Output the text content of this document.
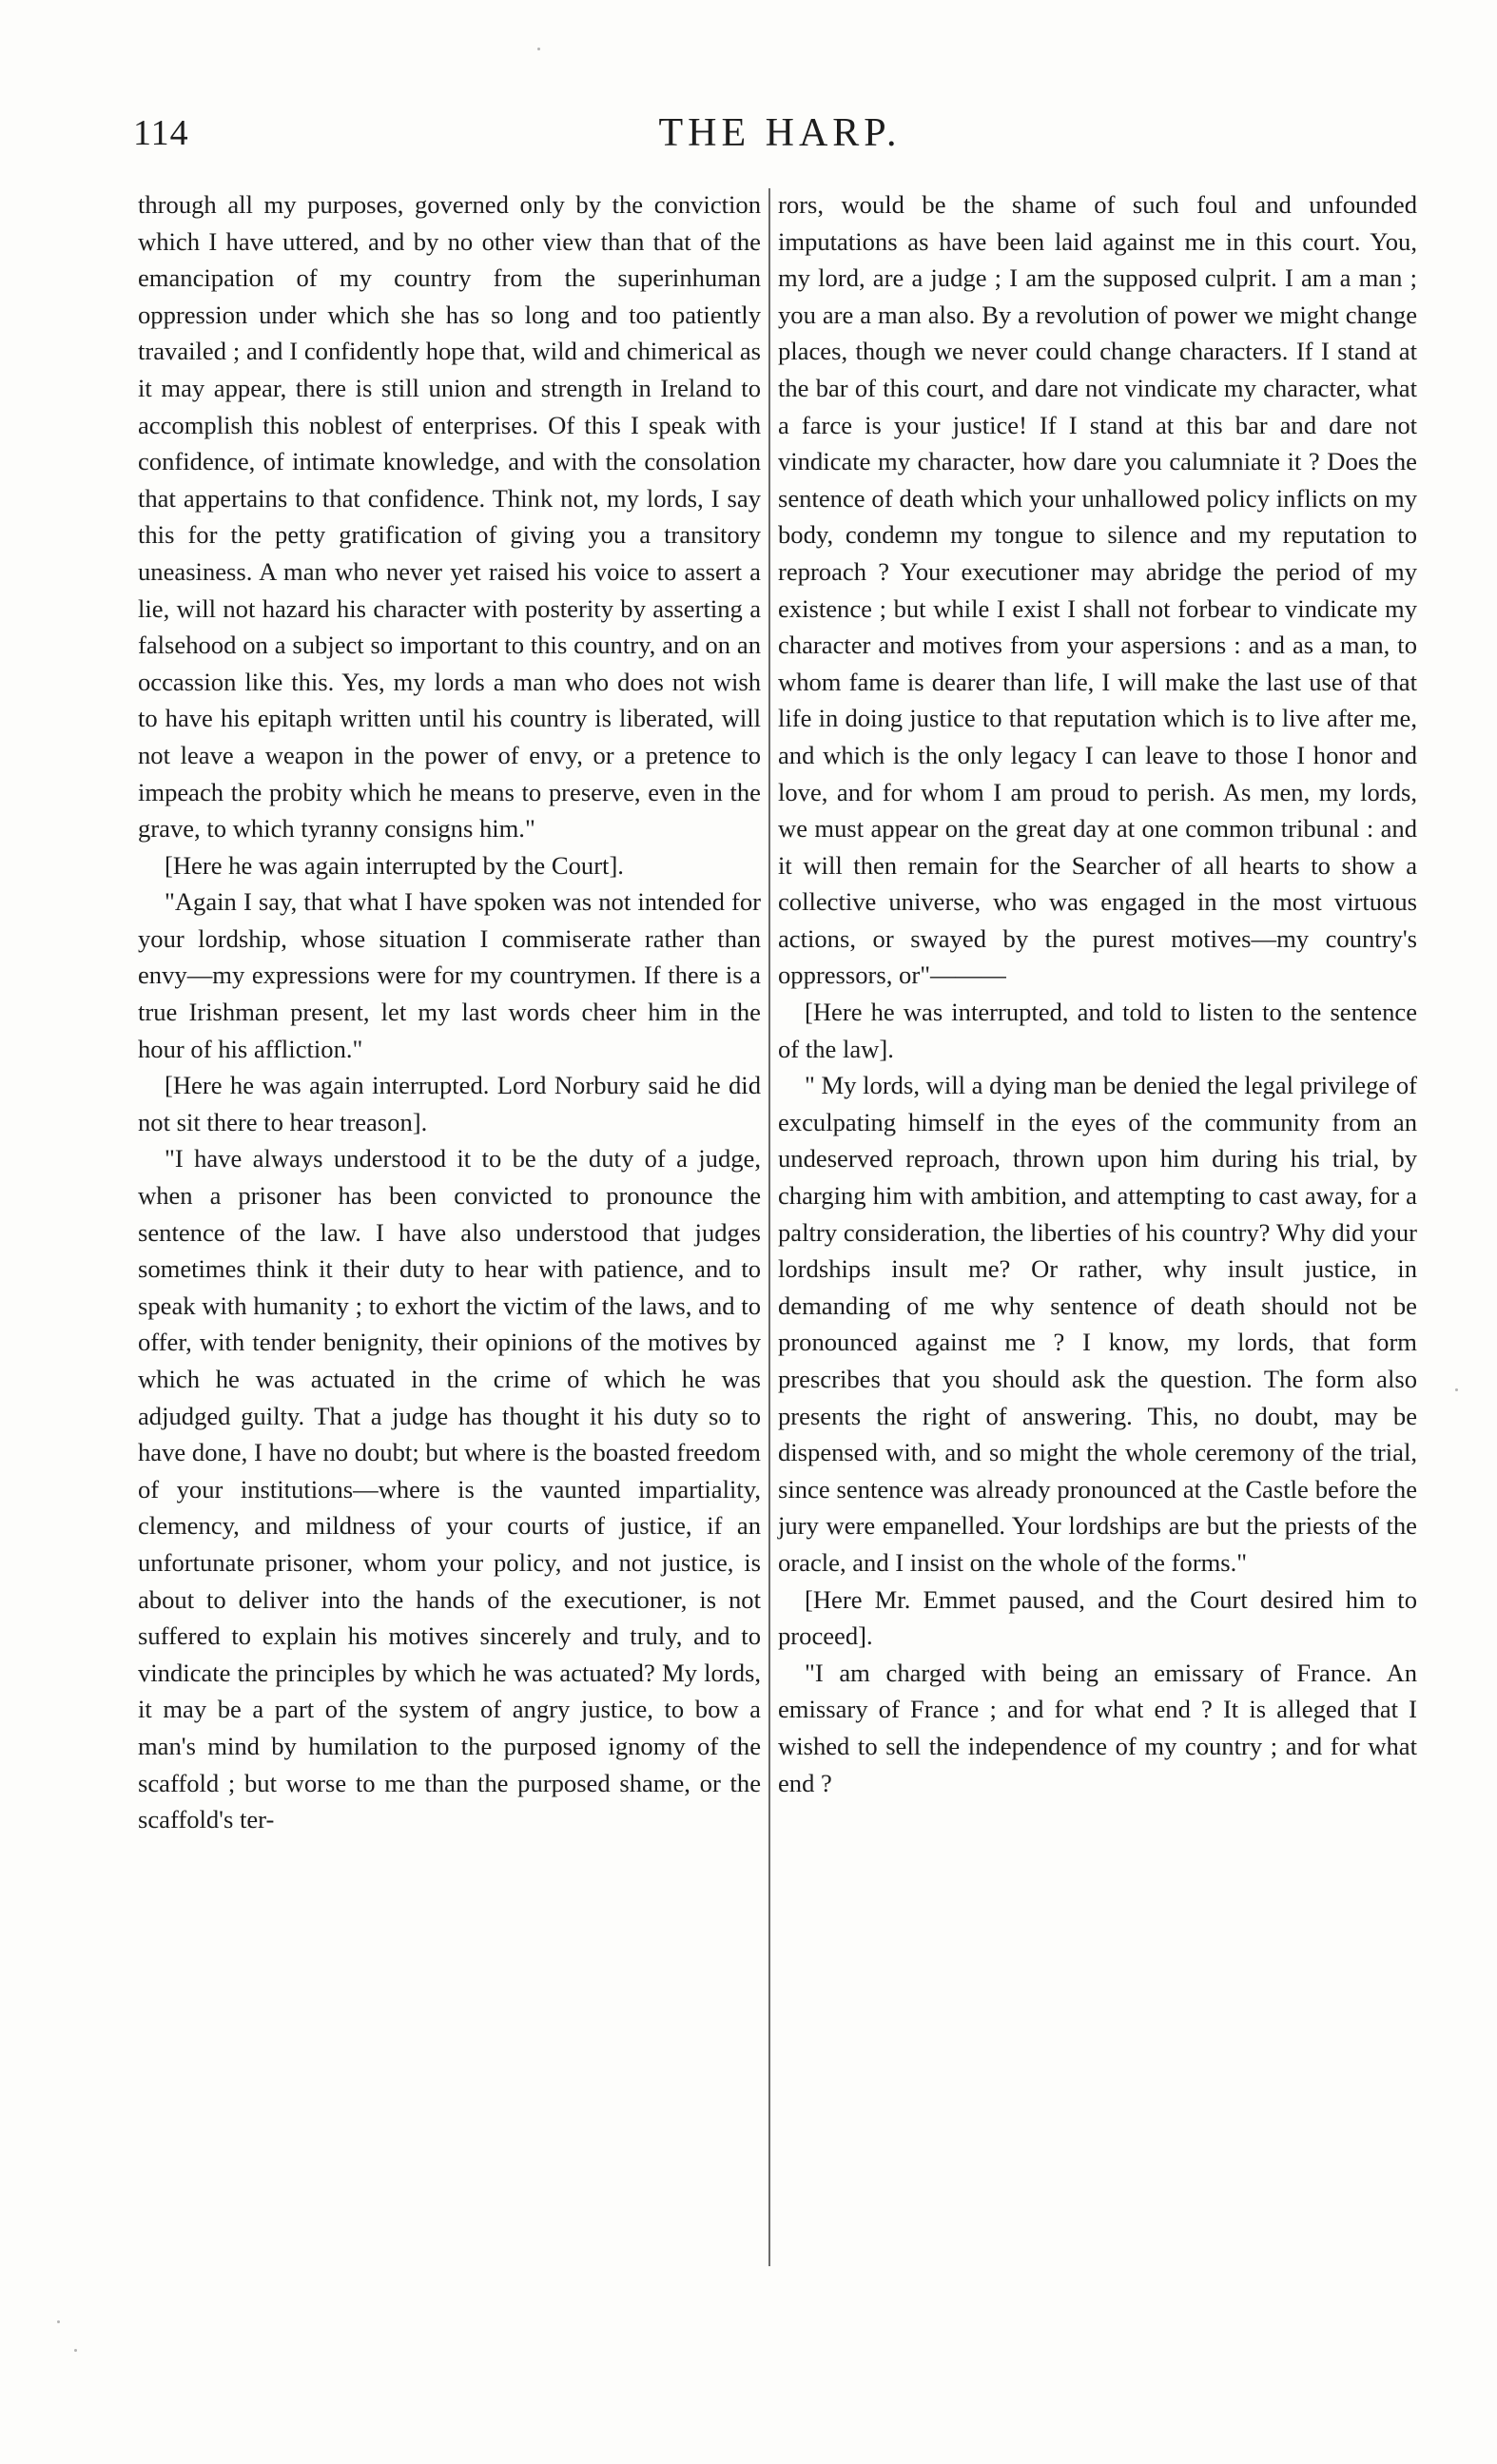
114	THE HARP.

through all my purposes, governed only by the conviction which I have uttered, and by no other view than that of the emancipation of my country from the superinhuman oppression under which she has so long and too patiently travailed ; and I confidently hope that, wild and chimerical as it may appear, there is still union and strength in Ireland to accomplish this noblest of enterprises. Of this I speak with confidence, of intimate knowledge, and with the consolation that appertains to that confidence. Think not, my lords, I say this for the petty gratification of giving you a transitory uneasiness. A man who never yet raised his voice to assert a lie, will not hazard his character with posterity by asserting a falsehood on a subject so important to this country, and on an occassion like this. Yes, my lords a man who does not wish to have his epitaph written until his country is liberated, will not leave a weapon in the power of envy, or a pretence to impeach the probity which he means to preserve, even in the grave, to which tyranny consigns him."

[Here he was again interrupted by the Court].

"Again I say, that what I have spoken was not intended for your lordship, whose situation I commiserate rather than envy—my expressions were for my countrymen. If there is a true Irishman present, let my last words cheer him in the hour of his affliction."

[Here he was again interrupted. Lord Norbury said he did not sit there to hear treason].

"I have always understood it to be the duty of a judge, when a prisoner has been convicted to pronounce the sentence of the law. I have also understood that judges sometimes think it their duty to hear with patience, and to speak with humanity ; to exhort the victim of the laws, and to offer, with tender benignity, their opinions of the motives by which he was actuated in the crime of which he was adjudged guilty. That a judge has thought it his duty so to have done, I have no doubt; but where is the boasted freedom of your institutions—where is the vaunted impartiality, clemency, and mildness of your courts of justice, if an unfortunate prisoner, whom your policy, and not justice, is about to deliver into the hands of the executioner, is not suffered to explain his motives sincerely and truly, and to vindicate the principles by which he was actuated? My lords, it may be a part of the system of angry justice, to bow a man's mind by humilation to the purposed ignomy of the scaffold ; but worse to me than the purposed shame, or the scaffold's ter-

rors, would be the shame of such foul and unfounded imputations as have been laid against me in this court. You, my lord, are a judge ; I am the supposed culprit. I am a man ; you are a man also. By a revolution of power we might change places, though we never could change characters. If I stand at the bar of this court, and dare not vindicate my character, what a farce is your justice! If I stand at this bar and dare not vindicate my character, how dare you calumniate it ? Does the sentence of death which your unhallowed policy inflicts on my body, condemn my tongue to silence and my reputation to reproach ? Your executioner may abridge the period of my existence ; but while I exist I shall not forbear to vindicate my character and motives from your aspersions : and as a man, to whom fame is dearer than life, I will make the last use of that life in doing justice to that reputation which is to live after me, and which is the only legacy I can leave to those I honor and love, and for whom I am proud to perish. As men, my lords, we must appear on the great day at one common tribunal : and it will then remain for the Searcher of all hearts to show a collective universe, who was engaged in the most virtuous actions, or swayed by the purest motives—my country's oppressors, or"———

[Here he was interrupted, and told to listen to the sentence of the law].

" My lords, will a dying man be denied the legal privilege of exculpating himself in the eyes of the community from an undeserved reproach, thrown upon him during his trial, by charging him with ambition, and attempting to cast away, for a paltry consideration, the liberties of his country? Why did your lordships insult me? Or rather, why insult justice, in demanding of me why sentence of death should not be pronounced against me ? I know, my lords, that form prescribes that you should ask the question. The form also presents the right of answering. This, no doubt, may be dispensed with, and so might the whole ceremony of the trial, since sentence was already pronounced at the Castle before the jury were empanelled. Your lordships are but the priests of the oracle, and I insist on the whole of the forms."

[Here Mr. Emmet paused, and the Court desired him to proceed].

"I am charged with being an emissary of France. An emissary of France ; and for what end ? It is alleged that I wished to sell the independence of my country ; and for what end ?
